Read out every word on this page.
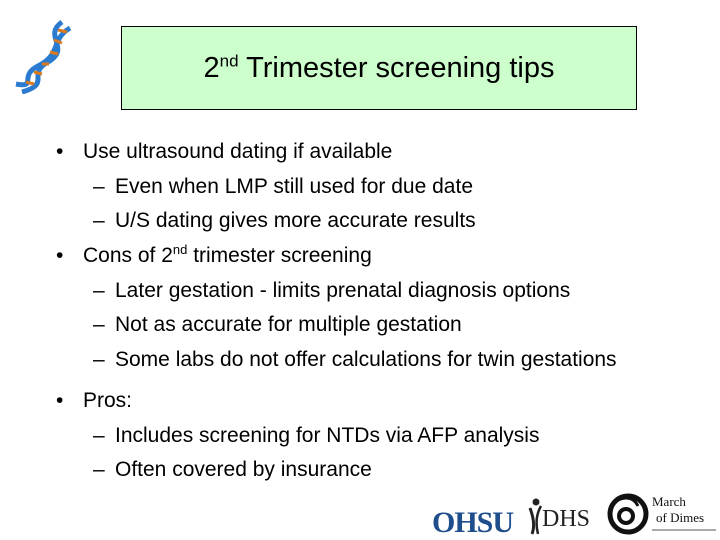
2nd Trimester screening tips
• Use ultrasound dating if available
– Even when LMP still used for due date
– U/S dating gives more accurate results
• Cons of 2nd trimester screening
– Later gestation - limits prenatal diagnosis options
– Not as accurate for multiple gestation
– Some labs do not offer calculations for twin gestations
• Pros:
– Includes screening for NTDs via AFP analysis
– Often covered by insurance
OHSU DHS
March
of Dimes
